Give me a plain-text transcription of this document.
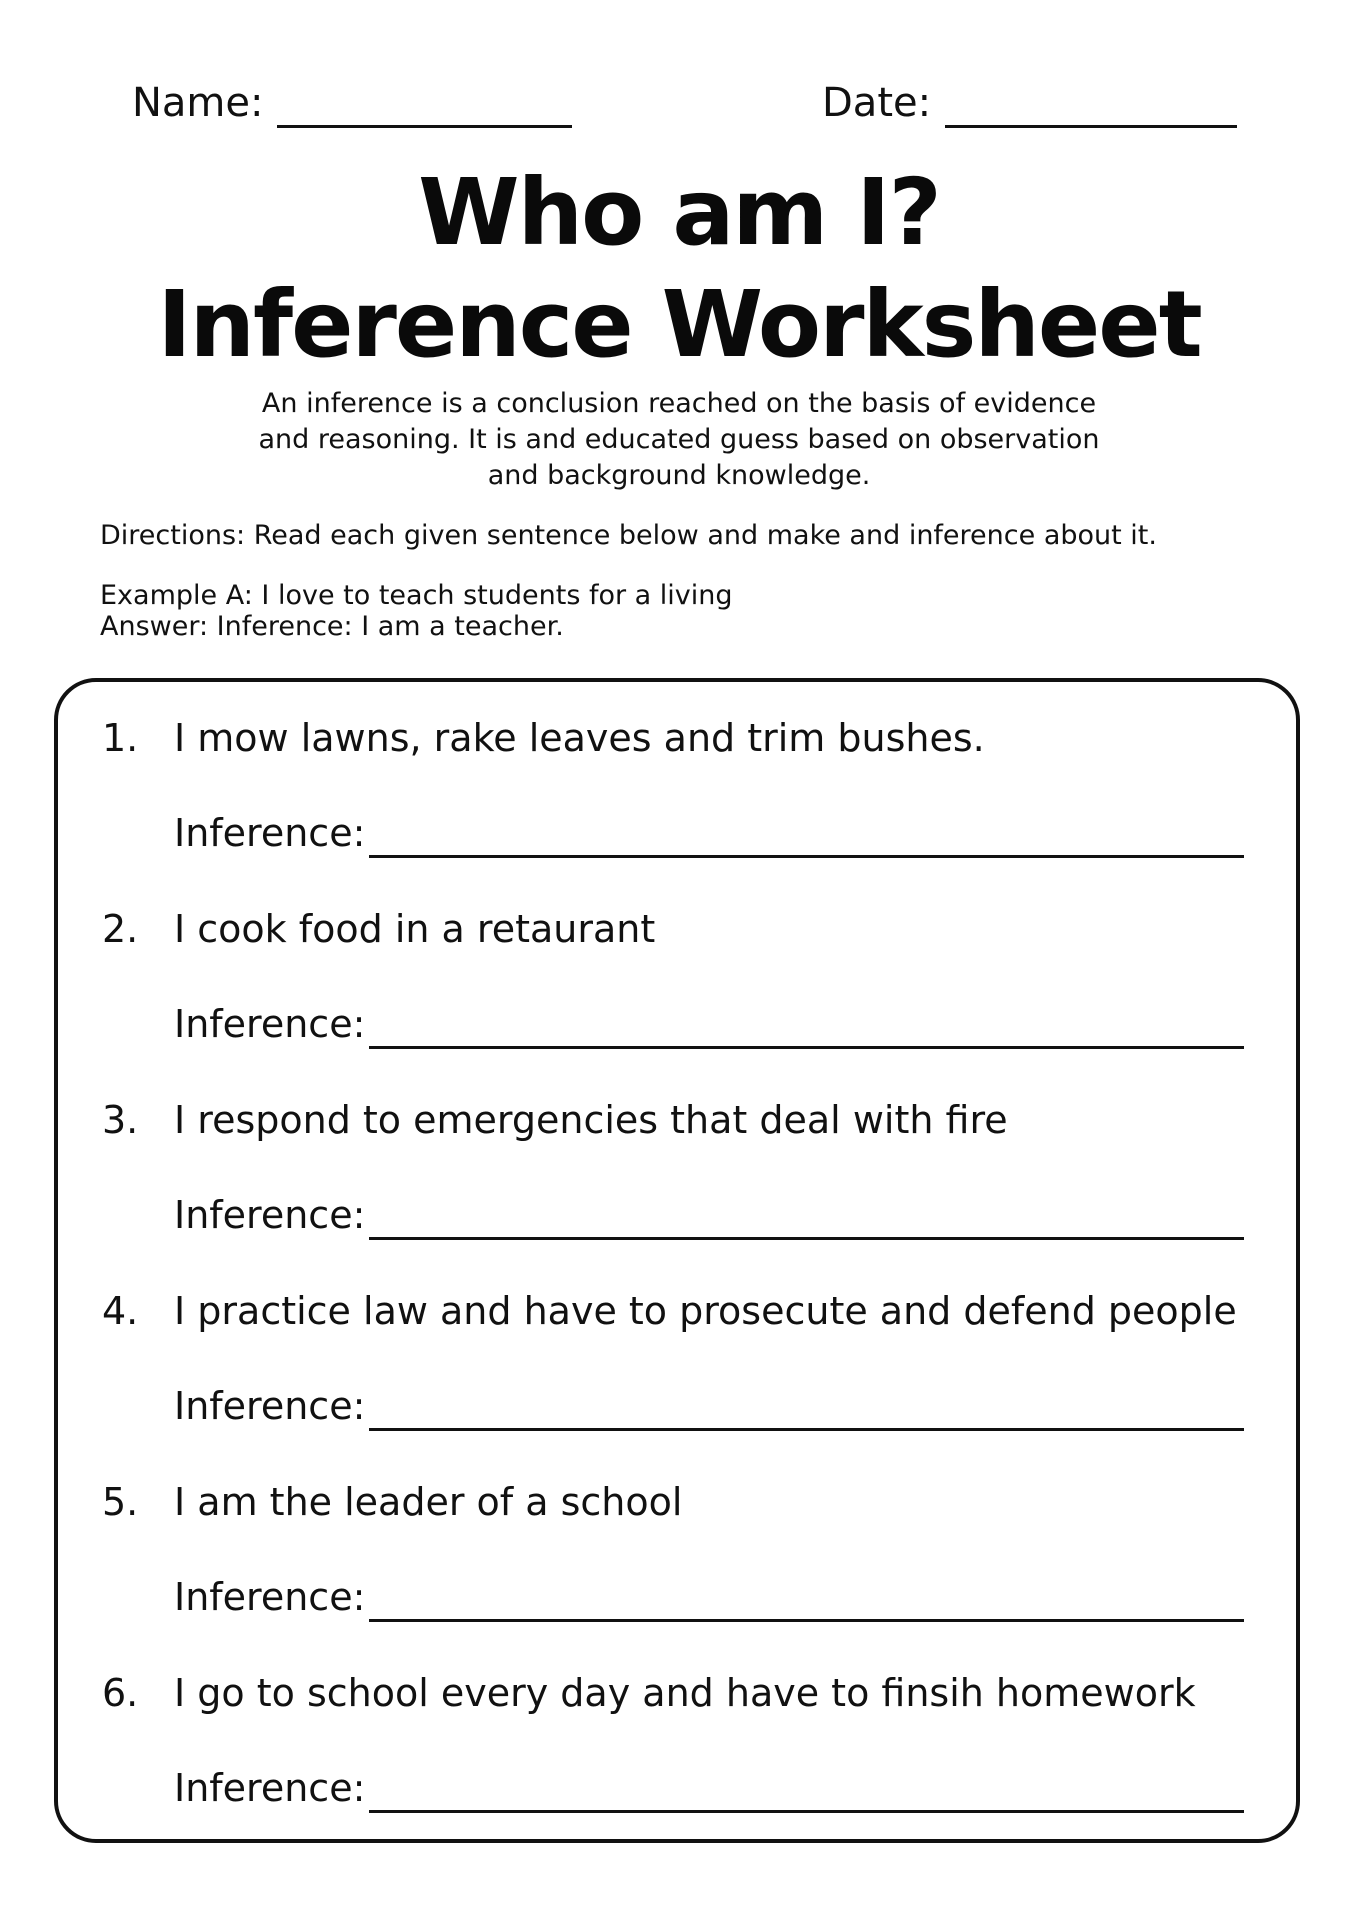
Name:	Date:
Who am I?
Inference Worksheet
An inference is a conclusion reached on the basis of evidence
and reasoning. It is and educated guess based on observation
and background knowledge.
Directions: Read each given sentence below and make and inference about it.
Example A: I love to teach students for a living
Answer: Inference: I am a teacher.
1. I mow lawns, rake leaves and trim bushes.
Inference:
2. I cook food in a retaurant
Inference:
3. I respond to emergencies that deal with fire
Inference:
4. I practice law and have to prosecute and defend people
Inference:
5. I am the leader of a school
Inference:
6. I go to school every day and have to finsih homework
Inference:
